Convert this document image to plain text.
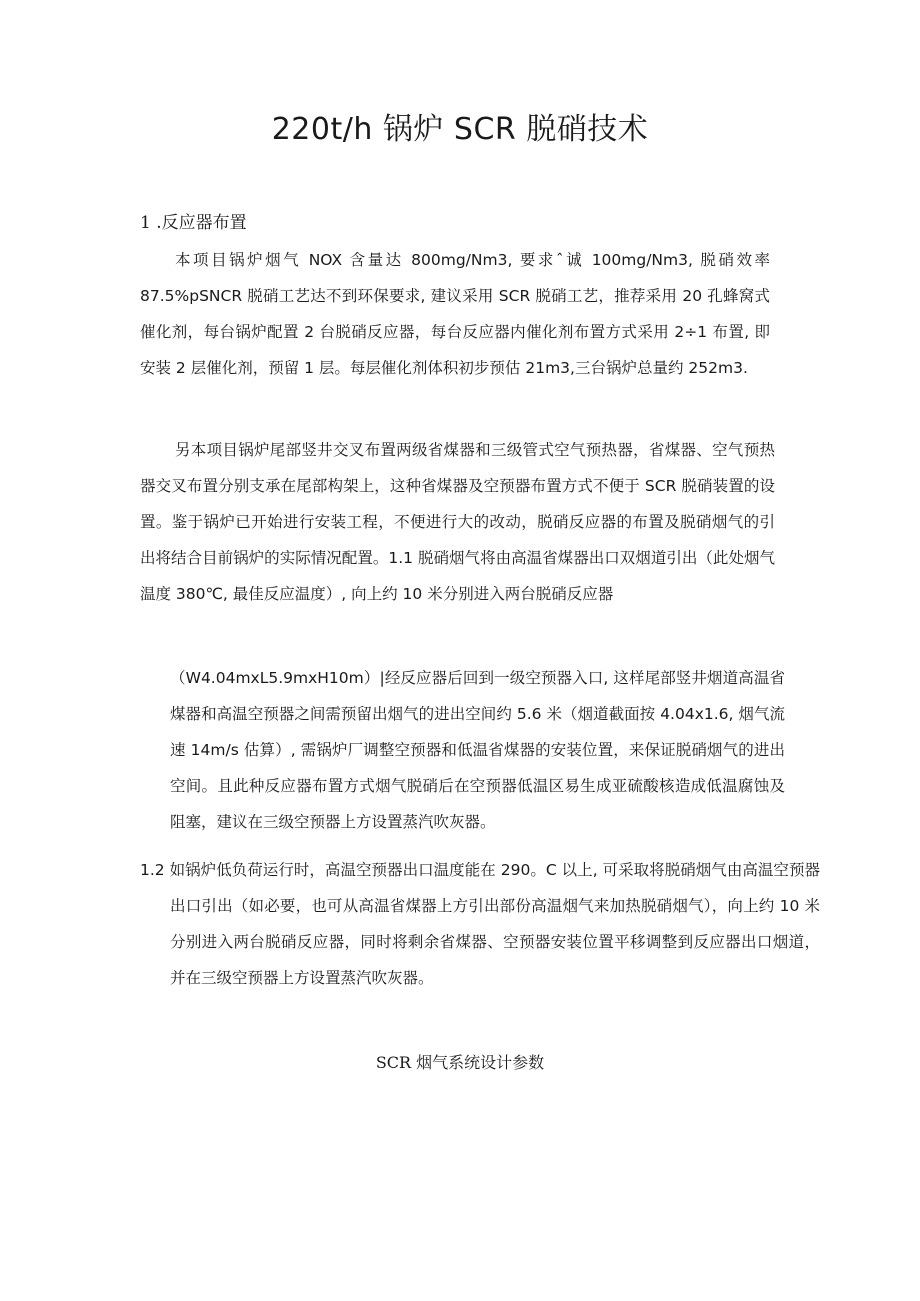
220t/h 锅炉 SCR 脱硝技术
1 .反应器布置

本项目锅炉烟气 NOX 含量达 800mg/Nm3, 要求ˆ诚 100mg/Nm3, 脱硝效率 87.5%pSNCR 脱硝工艺达不到环保要求, 建议采用 SCR 脱硝工艺，推荐采用 20 孔蜂窝式催化剂，每台锅炉配置 2 台脱硝反应器，每台反应器内催化剂布置方式采用 2÷1 布置, 即安装 2 层催化剂，预留 1 层。每层催化剂体积初步预估 21m3,三台锅炉总量约 252m3.

另本项目锅炉尾部竖井交叉布置两级省煤器和三级管式空气预热器，省煤器、空气预热器交叉布置分别支承在尾部构架上，这种省煤器及空预器布置方式不便于 SCR 脱硝装置的设置。鉴于锅炉已开始进行安装工程，不便进行大的改动，脱硝反应器的布置及脱硝烟气的引出将结合目前锅炉的实际情况配置。1.1 脱硝烟气将由高温省煤器出口双烟道引出（此处烟气温度 380℃, 最佳反应温度）, 向上约 10 米分别进入两台脱硝反应器

（W4.04mxL5.9mxH10m）|经反应器后回到一级空预器入口, 这样尾部竖井烟道高温省煤器和高温空预器之间需预留出烟气的进出空间约 5.6 米（烟道截面按 4.04x1.6, 烟气流速 14m/s 估算）, 需锅炉厂调整空预器和低温省煤器的安装位置，来保证脱硝烟气的进出空间。且此种反应器布置方式烟气脱硝后在空预器低温区易生成亚硫酸核造成低温腐蚀及阻塞，建议在三级空预器上方设置蒸汽吹灰器。

1.2 如锅炉低负荷运行时，高温空预器出口温度能在 290。C 以上, 可采取将脱硝烟气由高温空预器出口引出（如必要，也可从高温省煤器上方引出部份高温烟气来加热脱硝烟气），向上约 10 米分别进入两台脱硝反应器，同时将剩余省煤器、空预器安装位置平移调整到反应器出口烟道，并在三级空预器上方设置蒸汽吹灰器。

SCR 烟气系统设计参数
